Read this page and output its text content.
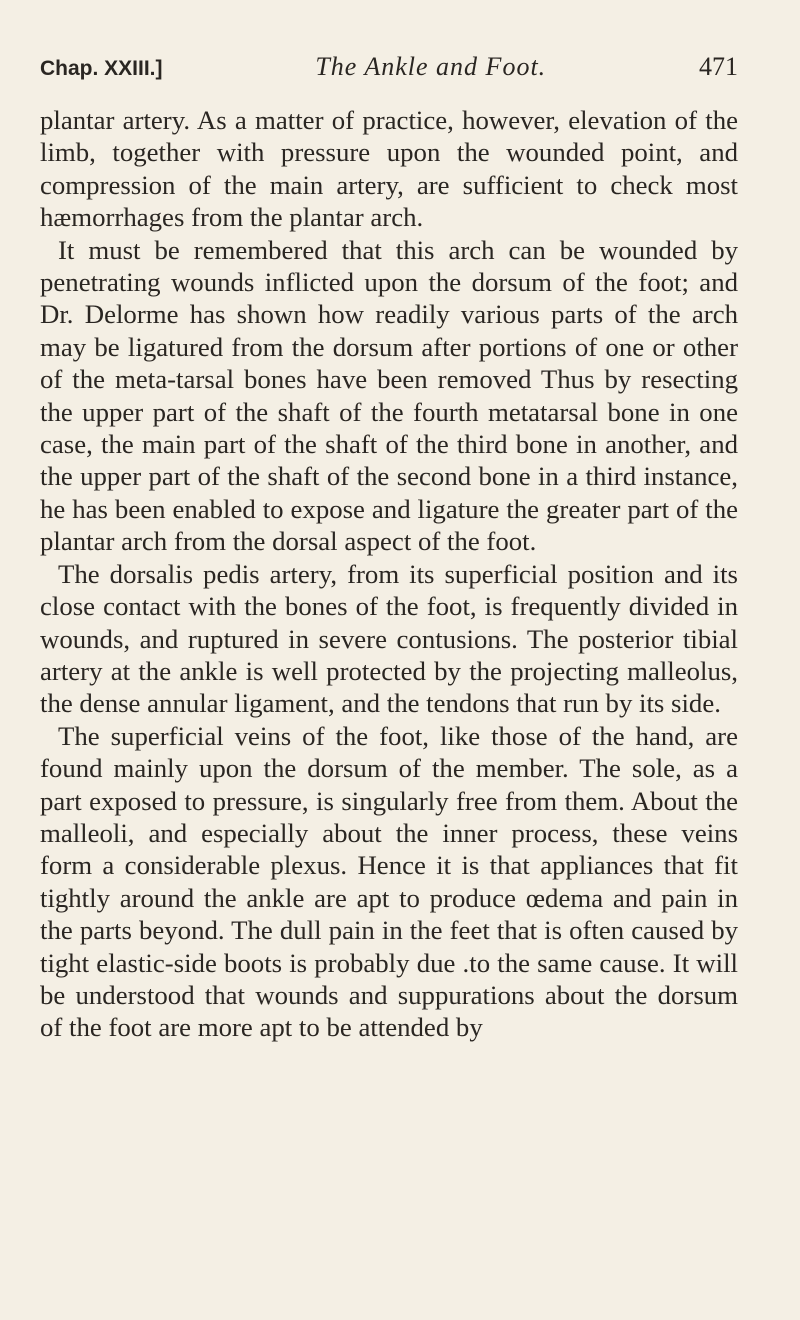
Chap. XXIII.]	The Ankle and Foot.	471

plantar artery. As a matter of practice, however, elevation of the limb, together with pressure upon the wounded point, and compression of the main artery, are sufficient to check most hæmorrhages from the plantar arch.

It must be remembered that this arch can be wounded by penetrating wounds inflicted upon the dorsum of the foot; and Dr. Delorme has shown how readily various parts of the arch may be ligatured from the dorsum after portions of one or other of the meta-tarsal bones have been removed Thus by resecting the upper part of the shaft of the fourth metatarsal bone in one case, the main part of the shaft of the third bone in another, and the upper part of the shaft of the second bone in a third instance, he has been enabled to expose and ligature the greater part of the plantar arch from the dorsal aspect of the foot.

The dorsalis pedis artery, from its superficial position and its close contact with the bones of the foot, is frequently divided in wounds, and ruptured in severe contusions. The posterior tibial artery at the ankle is well protected by the projecting malleolus, the dense annular ligament, and the tendons that run by its side.

The superficial veins of the foot, like those of the hand, are found mainly upon the dorsum of the member. The sole, as a part exposed to pressure, is singularly free from them. About the malleoli, and especially about the inner process, these veins form a considerable plexus. Hence it is that appliances that fit tightly around the ankle are apt to produce œdema and pain in the parts beyond. The dull pain in the feet that is often caused by tight elastic-side boots is probably due .to the same cause. It will be understood that wounds and suppurations about the dorsum of the foot are more apt to be attended by
